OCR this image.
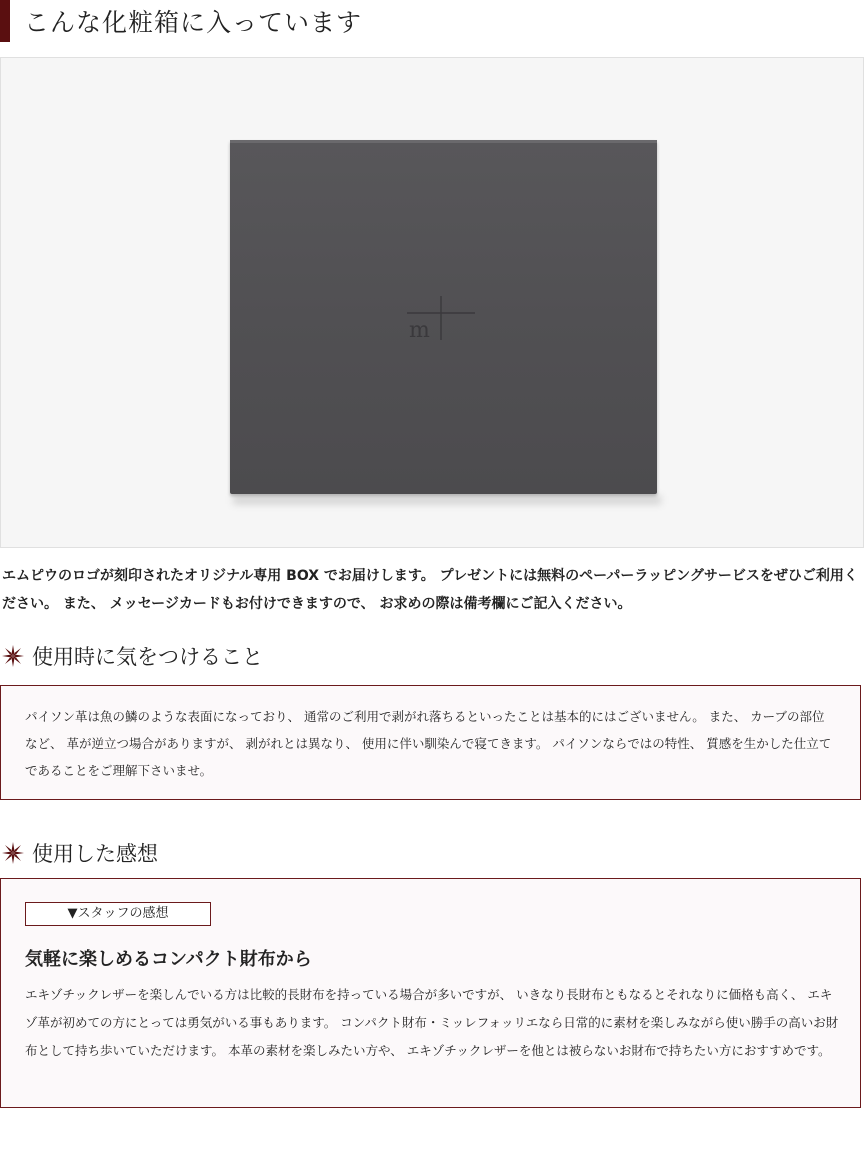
こんな化粧箱に入っています
m
エムピウのロゴが刻印されたオリジナル専用 BOX でお届けします。 プレゼントには無料のペーパーラッピングサービスをぜひご利用ください。 また、 メッセージカードもお付けできますので、 お求めの際は備考欄にご記入ください。
使用時に気をつけること
パイソン革は魚の鱗のような表面になっており、 通常のご利用で剥がれ落ちるといったことは基本的にはございません。 また、 カーブの部位など、 革が逆立つ場合がありますが、 剥がれとは異なり、 使用に伴い馴染んで寝てきます。 パイソンならではの特性、 質感を生かした仕立てであることをご理解下さいませ。
使用した感想
▼スタッフの感想
気軽に楽しめるコンパクト財布から
エキゾチックレザーを楽しんでいる方は比較的長財布を持っている場合が多いですが、 いきなり長財布ともなるとそれなりに価格も高く、 エキゾ革が初めての方にとっては勇気がいる事もあります。 コンパクト財布・ミッレフォッリエなら日常的に素材を楽しみながら使い勝手の高いお財布として持ち歩いていただけます。 本革の素材を楽しみたい方や、 エキゾチックレザーを他とは被らないお財布で持ちたい方におすすめです。
